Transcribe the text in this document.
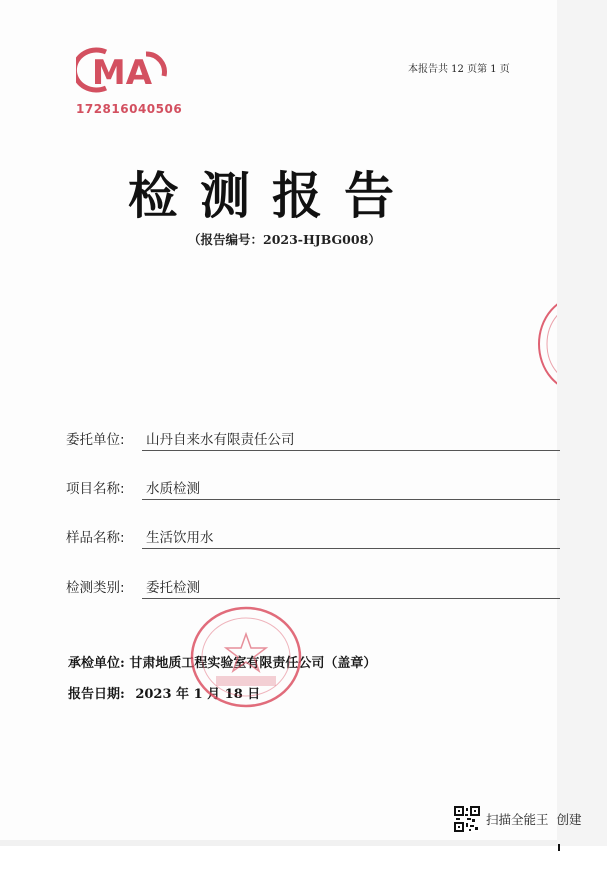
MA
172816040506
本报告共 12 页第 1 页
检测报告
（报告编号：2023-HJBG008）
委托单位: 山丹自来水有限责任公司
项目名称: 水质检测
样品名称: 生活饮用水
检测类别: 委托检测
承检单位: 甘肃地质工程实验室有限责任公司（盖章）
报告日期: 2023 年 1 月 18 日
扫描全能王 创建
